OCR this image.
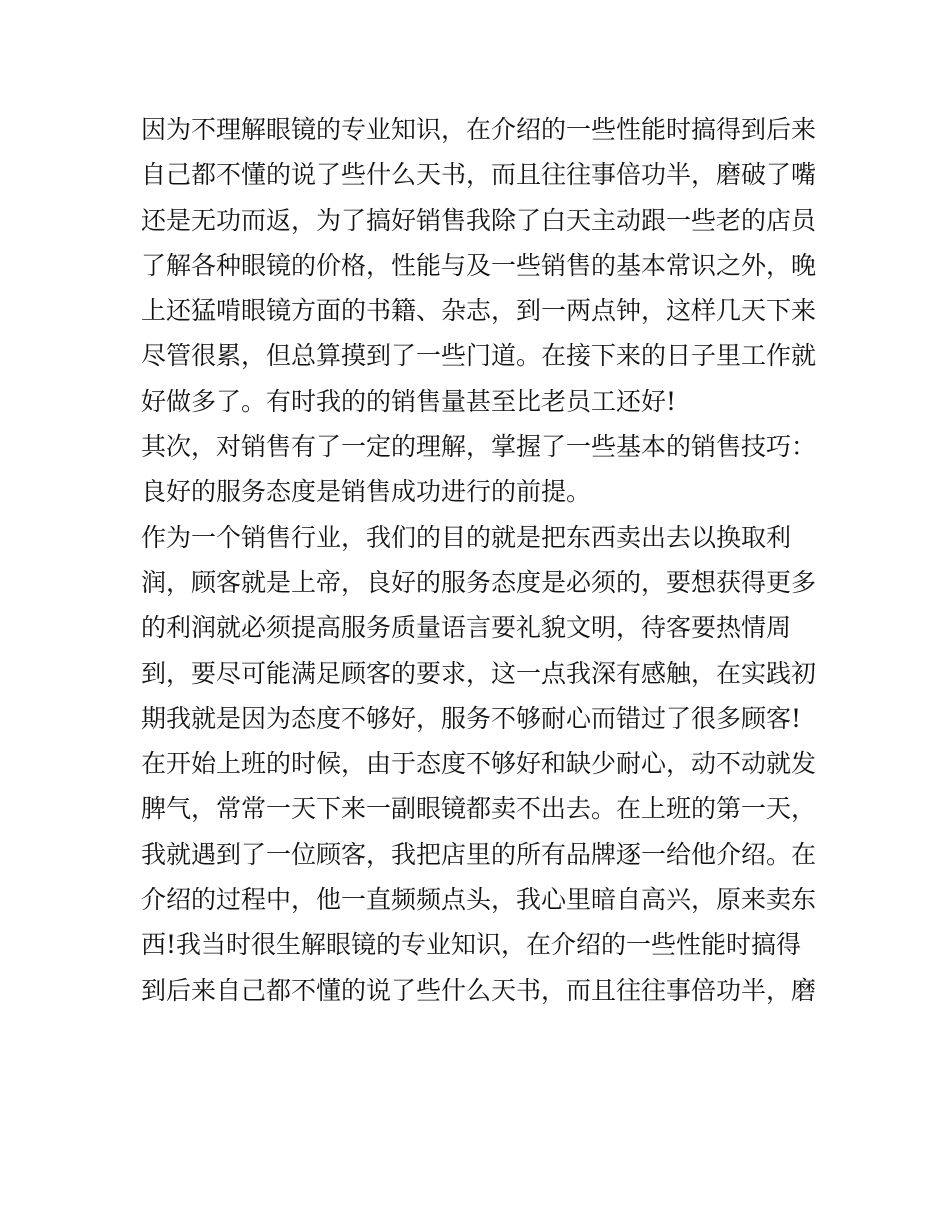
因为不理解眼镜的专业知识，在介绍的一些性能时搞得到后来
自己都不懂的说了些什么天书，而且往往事倍功半，磨破了嘴
还是无功而返，为了搞好销售我除了白天主动跟一些老的店员
了解各种眼镜的价格，性能与及一些销售的基本常识之外，晚
上还猛啃眼镜方面的书籍、杂志，到一两点钟，这样几天下来
尽管很累，但总算摸到了一些门道。在接下来的日子里工作就
好做多了。有时我的的销售量甚至比老员工还好!
其次，对销售有了一定的理解，掌握了一些基本的销售技巧：
良好的服务态度是销售成功进行的前提。
作为一个销售行业，我们的目的就是把东西卖出去以换取利
润，顾客就是上帝，良好的服务态度是必须的，要想获得更多
的利润就必须提高服务质量语言要礼貌文明，待客要热情周
到，要尽可能满足顾客的要求，这一点我深有感触，在实践初
期我就是因为态度不够好，服务不够耐心而错过了很多顾客!
在开始上班的时候，由于态度不够好和缺少耐心，动不动就发
脾气，常常一天下来一副眼镜都卖不出去。在上班的第一天，
我就遇到了一位顾客，我把店里的所有品牌逐一给他介绍。在
介绍的过程中，他一直频频点头，我心里暗自高兴，原来卖东
西!我当时很生解眼镜的专业知识，在介绍的一些性能时搞得
到后来自己都不懂的说了些什么天书，而且往往事倍功半，磨
